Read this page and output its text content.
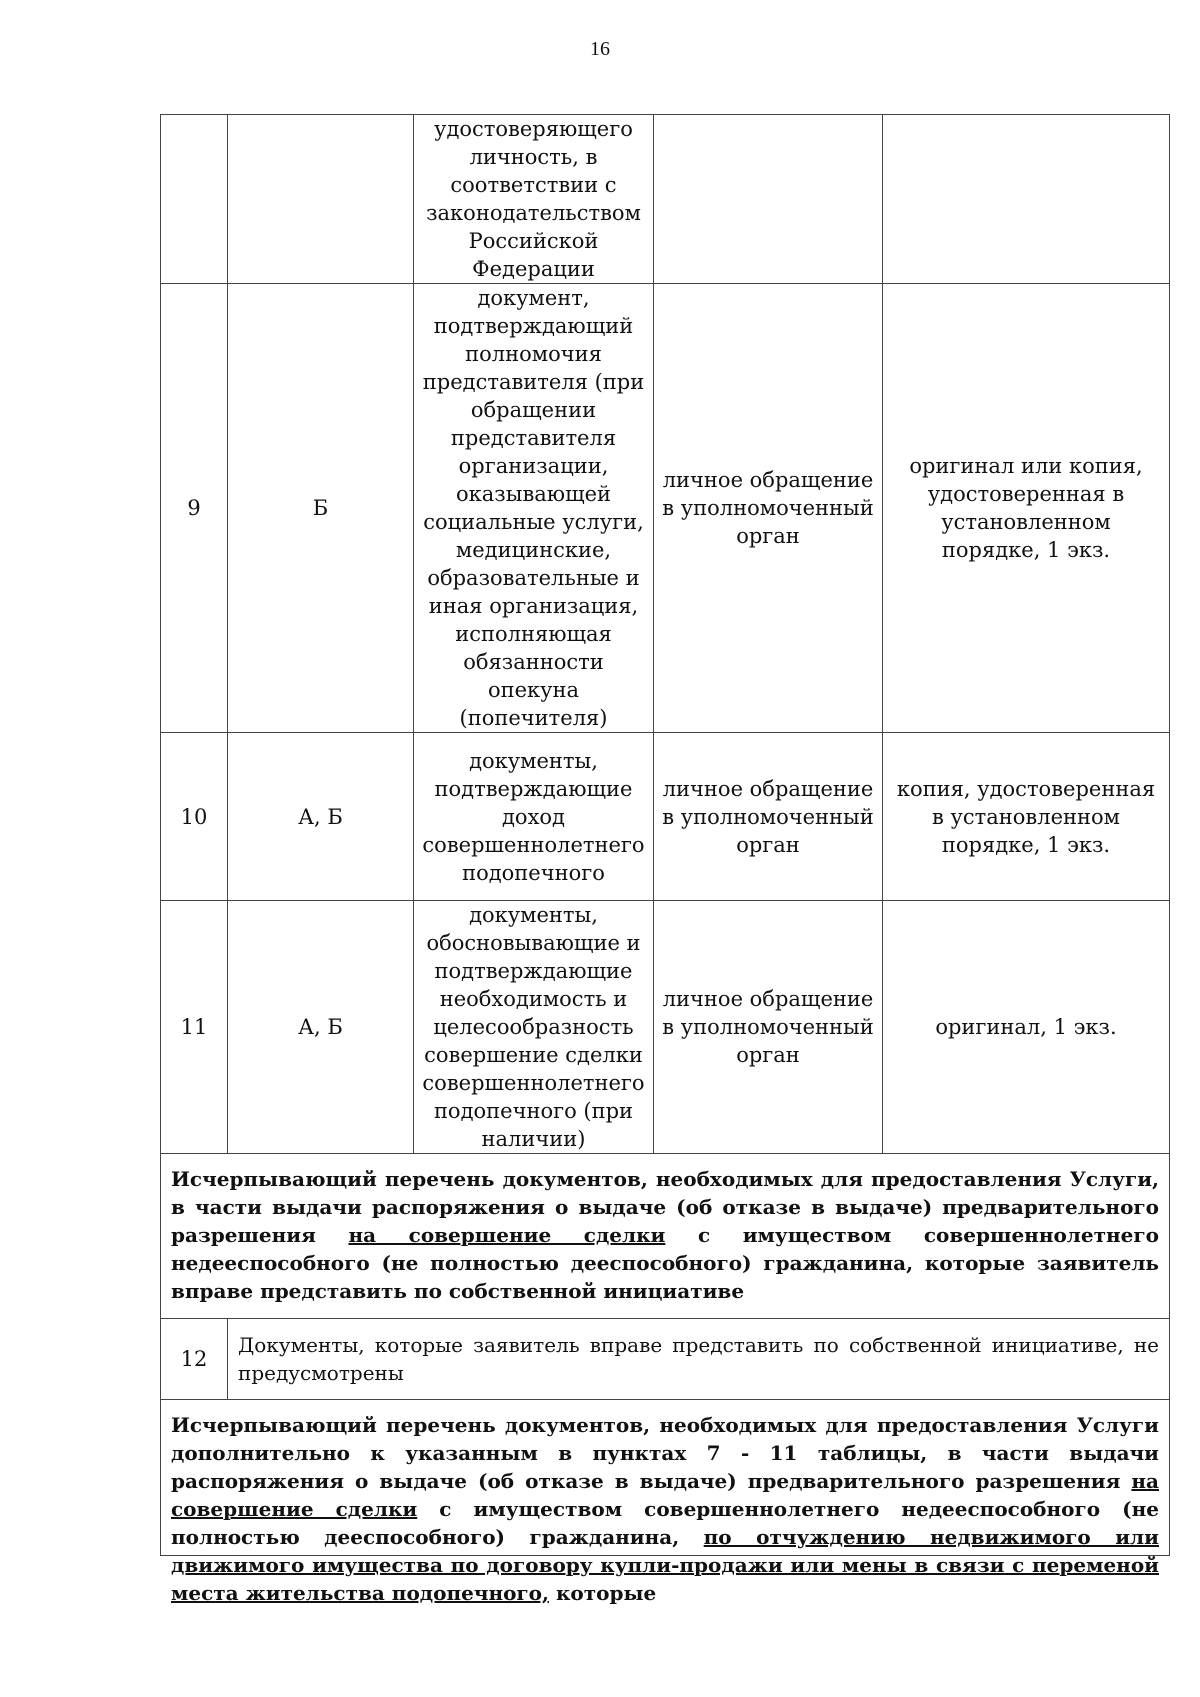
16
		удостоверяющего личность, в соответствии с законодательством Российской Федерации		
9	Б	документ, подтверждающий полномочия представителя (при обращении представителя организации, оказывающей социальные услуги, медицинские, образовательные и иная организация, исполняющая обязанности опекуна (попечителя)	личное обращение в уполномоченный орган	оригинал или копия, удостоверенная в установленном порядке, 1 экз.
10	А, Б	документы, подтверждающие доход совершеннолетнего подопечного	личное обращение в уполномоченный орган	копия, удостоверенная в установленном порядке, 1 экз.
11	А, Б	документы, обосновывающие и подтверждающие необходимость и целесообразность совершение сделки совершеннолетнего подопечного (при наличии)	личное обращение в уполномоченный орган	оригинал, 1 экз.
Исчерпывающий перечень документов, необходимых для предоставления Услуги, в части выдачи распоряжения о выдаче (об отказе в выдаче) предварительного разрешения на совершение сделки с имуществом совершеннолетнего недееспособного (не полностью дееспособного) гражданина, которые заявитель вправе представить по собственной инициативе				
12	Документы, которые заявитель вправе представить по собственной инициативе, не предусмотрены			

Исчерпывающий перечень документов, необходимых для предоставления Услуги дополнительно к указанным в пунктах 7 - 11 таблицы, в части выдачи распоряжения о выдаче (об отказе в выдаче) предварительного разрешения на совершение сделки с имуществом совершеннолетнего недееспособного (не полностью дееспособного) гражданина, по отчуждению недвижимого или движимого имущества по договору купли-продажи или мены в связи с переменой места жительства подопечного, которые				
